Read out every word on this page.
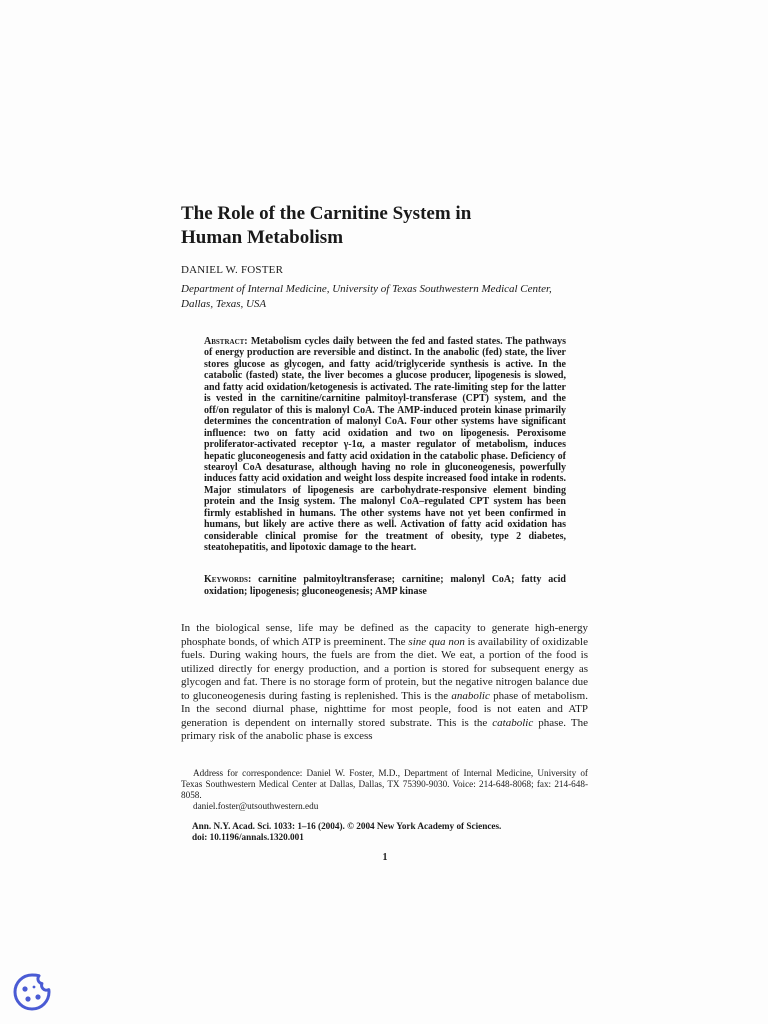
The Role of the Carnitine System in
Human Metabolism

DANIEL W. FOSTER

Department of Internal Medicine, University of Texas Southwestern Medical Center, Dallas, Texas, USA

Abstract: Metabolism cycles daily between the fed and fasted states. The pathways of energy production are reversible and distinct. In the anabolic (fed) state, the liver stores glucose as glycogen, and fatty acid/triglyceride synthesis is active. In the catabolic (fasted) state, the liver becomes a glucose producer, lipogenesis is slowed, and fatty acid oxidation/ketogenesis is activated. The rate-limiting step for the latter is vested in the carnitine/carnitine palmitoyl-transferase (CPT) system, and the off/on regulator of this is malonyl CoA. The AMP-induced protein kinase primarily determines the concentration of malonyl CoA. Four other systems have significant influence: two on fatty acid oxidation and two on lipogenesis. Peroxisome proliferator-activated receptor γ-1α, a master regulator of metabolism, induces hepatic gluconeogenesis and fatty acid oxidation in the catabolic phase. Deficiency of stearoyl CoA desaturase, although having no role in gluconeogenesis, powerfully induces fatty acid oxidation and weight loss despite increased food intake in rodents. Major stimulators of lipogenesis are carbohydrate-responsive element binding protein and the Insig system. The malonyl CoA–regulated CPT system has been firmly established in humans. The other systems have not yet been confirmed in humans, but likely are active there as well. Activation of fatty acid oxidation has considerable clinical promise for the treatment of obesity, type 2 diabetes, steatohepatitis, and lipotoxic damage to the heart.

Keywords: carnitine palmitoyltransferase; carnitine; malonyl CoA; fatty acid oxidation; lipogenesis; gluconeogenesis; AMP kinase

In the biological sense, life may be defined as the capacity to generate high-energy phosphate bonds, of which ATP is preeminent. The sine qua non is availability of oxidizable fuels. During waking hours, the fuels are from the diet. We eat, a portion of the food is utilized directly for energy production, and a portion is stored for subsequent energy as glycogen and fat. There is no storage form of protein, but the negative nitrogen balance due to gluconeogenesis during fasting is replenished. This is the anabolic phase of metabolism. In the second diurnal phase, nighttime for most people, food is not eaten and ATP generation is dependent on internally stored substrate. This is the catabolic phase. The primary risk of the anabolic phase is excess

Address for correspondence: Daniel W. Foster, M.D., Department of Internal Medicine, University of Texas Southwestern Medical Center at Dallas, Dallas, TX 75390-9030. Voice: 214-648-8068; fax: 214-648-8058.
daniel.foster@utsouthwestern.edu
Ann. N.Y. Acad. Sci. 1033: 1–16 (2004). © 2004 New York Academy of Sciences.
doi: 10.1196/annals.1320.001
1
